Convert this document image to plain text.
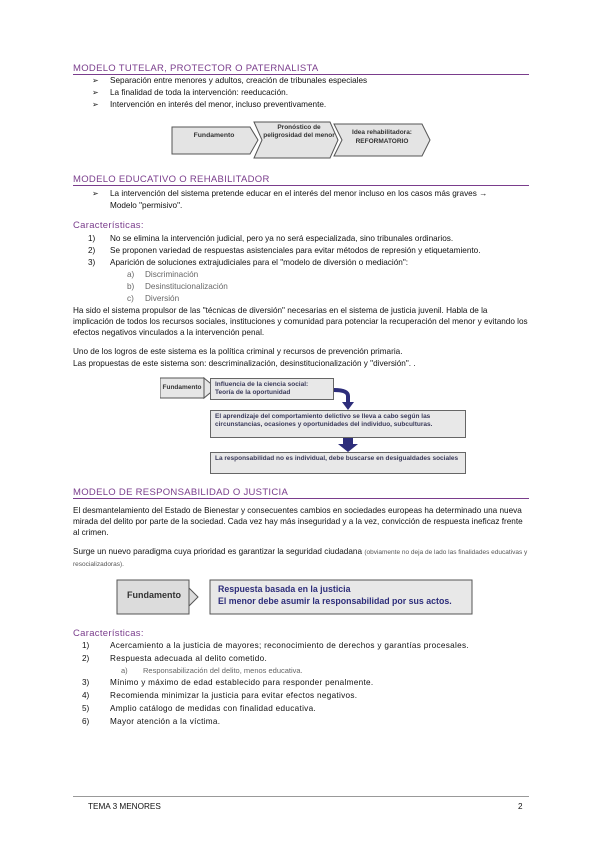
MODELO TUTELAR, PROTECTOR O PATERNALISTA
➢ Separación entre menores y adultos, creación de tribunales especiales
➢ La finalidad de toda la intervención: reeducación.
➢ Intervención en interés del menor, incluso preventivamente.
Fundamento
Pronóstico de peligrosidad del menor	Idea rehabilitadora: REFORMATORIO
MODELO EDUCATIVO O REHABILITADOR
➢ La intervención del sistema pretende educar en el interés del menor incluso en los casos más graves →
Modelo "permisivo".
Características:
1) No se elimina la intervención judicial, pero ya no será especializada, sino tribunales ordinarios.
2) Se proponen variedad de respuestas asistenciales para evitar métodos de represión y etiquetamiento.
3) Aparición de soluciones extrajudiciales para el "modelo de diversión o mediación":
a) Discriminación
b) Desinstitucionalización
c) Diversión
Ha sido el sistema propulsor de las "técnicas de diversión" necesarias en el sistema de justicia juvenil. Habla de la implicación de todos los recursos sociales, instituciones y comunidad para potenciar la recuperación del menor y evitando los efectos negativos vinculados a la intervención penal.
Uno de los logros de este sistema es la política criminal y recursos de prevención primaria.
Las propuestas de este sistema son: descriminalización, desinstitucionalización y "diversión". .
Fundamento	Influencia de la ciencia social: Teoría de la oportunidad
El aprendizaje del comportamiento delictivo se lleva a cabo según las circunstancias, ocasiones y oportunidades del individuo, subculturas.
La responsabilidad no es individual, debe buscarse en desigualdades sociales
MODELO DE RESPONSABILIDAD O JUSTICIA
El desmantelamiento del Estado de Bienestar y consecuentes cambios en sociedades europeas ha determinado una nueva mirada del delito por parte de la sociedad. Cada vez hay más inseguridad y a la vez, convicción de respuesta ineficaz frente al crimen.
Surge un nuevo paradigma cuya prioridad es garantizar la seguridad ciudadana (obviamente no deja de lado las finalidades educativas y resocializadoras).
Fundamento
Respuesta basada en la justicia
El menor debe asumir la responsabilidad por sus actos.
Características:
1)	Acercamiento a la justicia de mayores; reconocimiento de derechos y garantías procesales.
2)	Respuesta adecuada al delito cometido.
a) Responsabilización del delito, menos educativa.
3)	Mínimo y máximo de edad establecido para responder penalmente.
4)	Recomienda minimizar la justicia para evitar efectos negativos.
5)	Amplio catálogo de medidas con finalidad educativa.
6)	Mayor atención a la víctima.
TEMA 3 MENORES	2
